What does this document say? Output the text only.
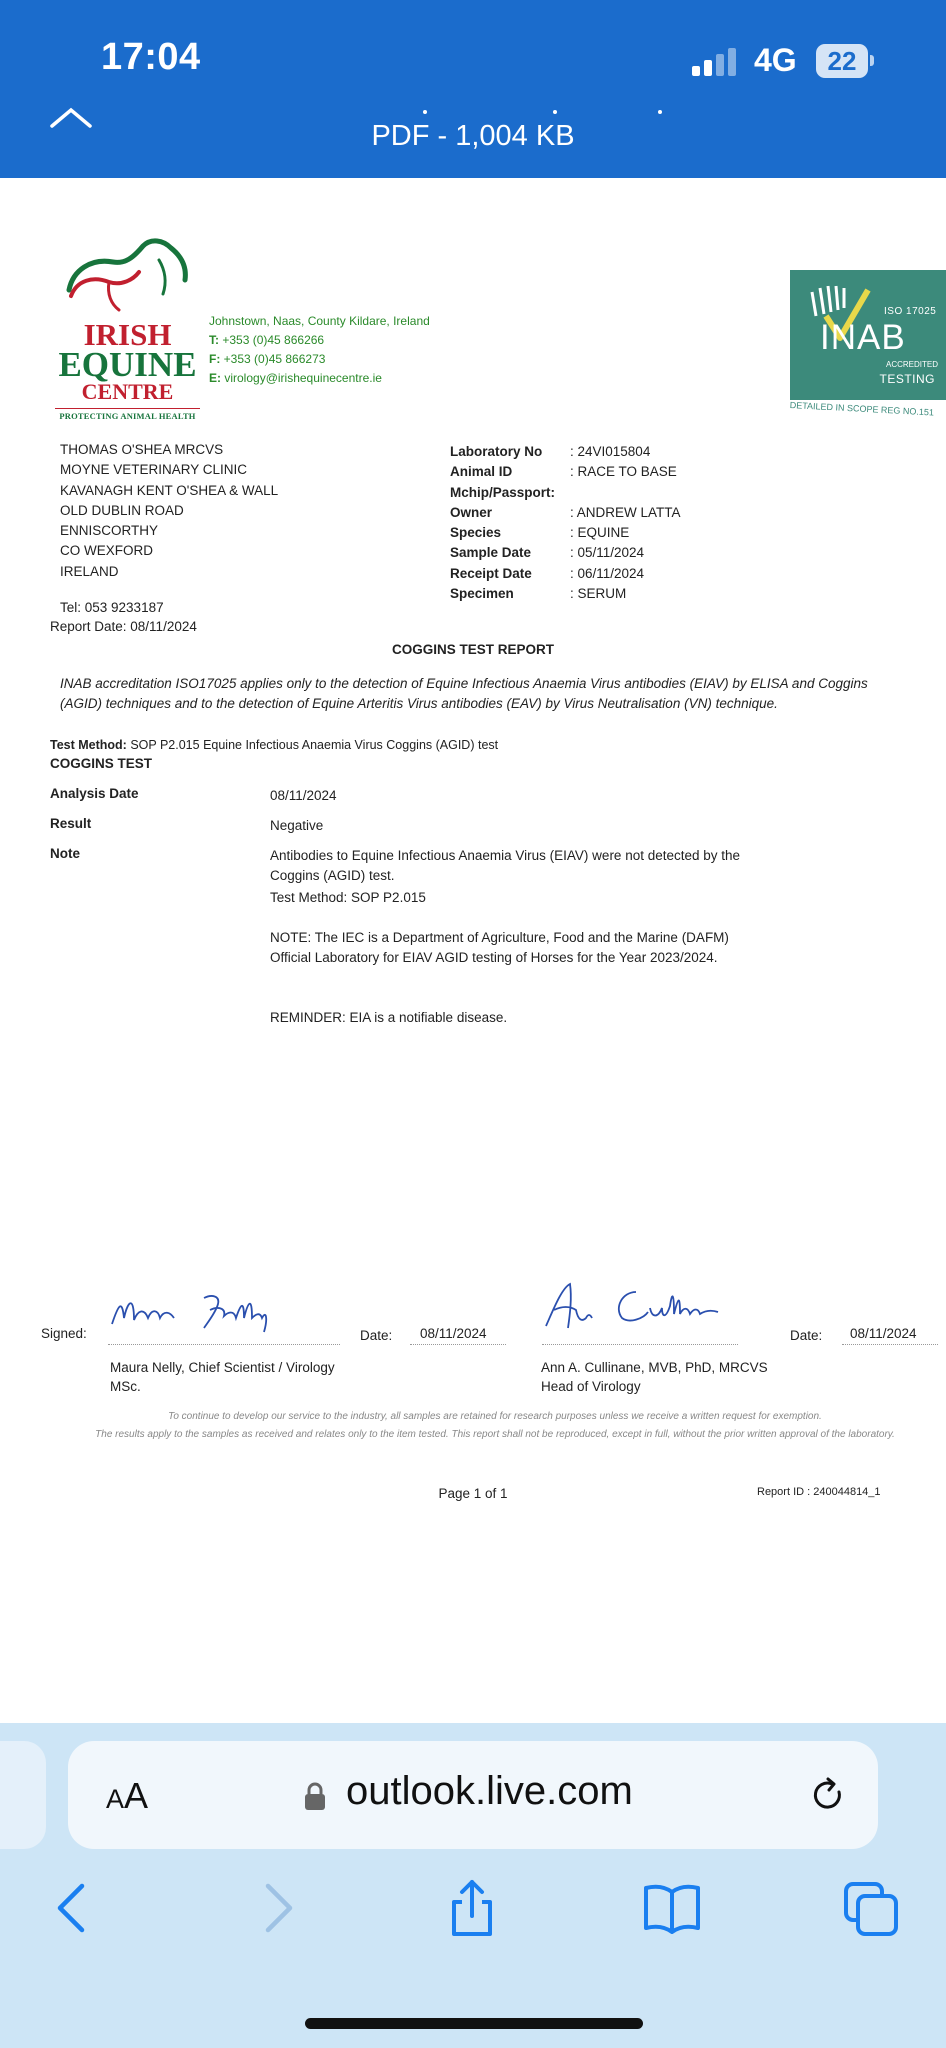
17:04	4G	22
PDF - 1,004 KB
IRISH
EQUINE
CENTRE
PROTECTING ANIMAL HEALTH
Johnstown, Naas, County Kildare, Ireland
T: +353 (0)45 866266
F: +353 (0)45 866273
E: virology@irishequinecentre.ie
ISO 17025
INAB
ACCREDITED
TESTING
DETAILED IN SCOPE REG NO.151
THOMAS O'SHEA MRCVS
MOYNE VETERINARY CLINIC
KAVANAGH KENT O'SHEA & WALL
OLD DUBLIN ROAD
ENNISCORTHY
CO WEXFORD
IRELAND
Tel: 053 9233187
Report Date: 08/11/2024
Laboratory No	: 24VI015804
Animal ID	: RACE TO BASE
Mchip/Passport:
Owner	: ANDREW LATTA
Species	: EQUINE
Sample Date	: 05/11/2024
Receipt Date	: 06/11/2024
Specimen	: SERUM
COGGINS TEST REPORT
INAB accreditation ISO17025 applies only to the detection of Equine Infectious Anaemia Virus antibodies (EIAV) by ELISA and Coggins (AGID) techniques and to the detection of Equine Arteritis Virus antibodies (EAV) by Virus Neutralisation (VN) technique.
Test Method: SOP P2.015 Equine Infectious Anaemia Virus Coggins (AGID) test
COGGINS TEST
Analysis Date	08/11/2024
Result	Negative
Note	Antibodies to Equine Infectious Anaemia Virus (EIAV) were not detected by the Coggins (AGID) test.
Test Method: SOP P2.015
NOTE: The IEC is a Department of Agriculture, Food and the Marine (DAFM) Official Laboratory for EIAV AGID testing of Horses for the Year 2023/2024.
REMINDER: EIA is a notifiable disease.
Signed:	Date: 08/11/2024
Maura Nelly, Chief Scientist / Virology
MSc.
Date: 08/11/2024
Ann A. Cullinane, MVB, PhD, MRCVS
Head of Virology
To continue to develop our service to the industry, all samples are retained for research purposes unless we receive a written request for exemption.
The results apply to the samples as received and relates only to the item tested. This report shall not be reproduced, except in full, without the prior written approval of the laboratory.
Page 1 of 1	Report ID : 240044814_1
AA	outlook.live.com
